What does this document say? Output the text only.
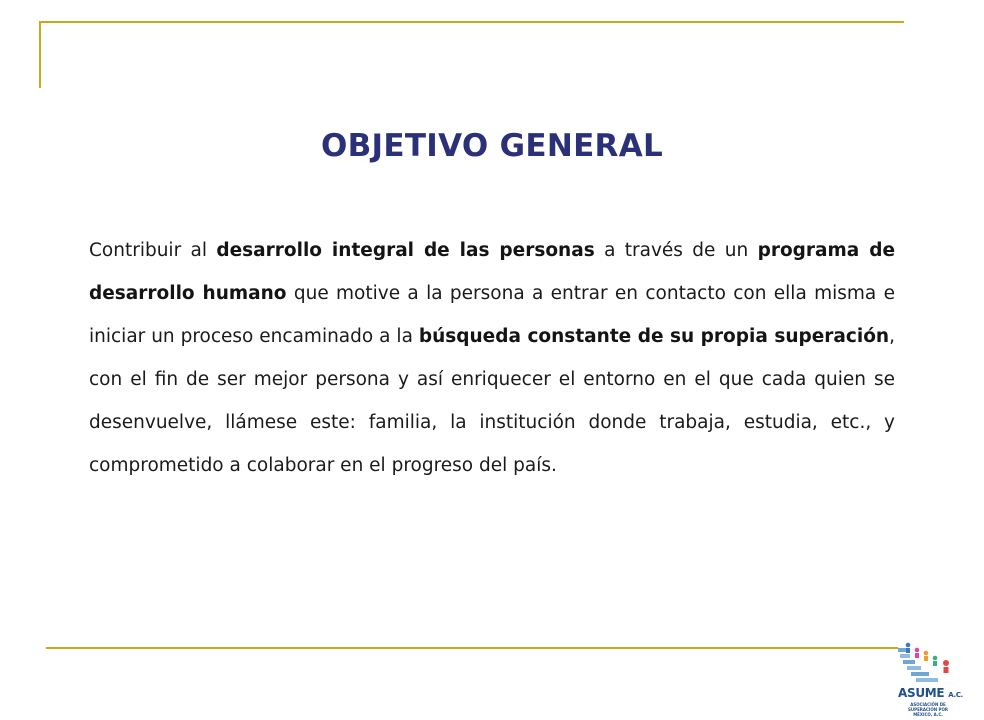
OBJETIVO GENERAL

Contribuir al desarrollo integral de las personas a través de un programa de desarrollo humano que motive a la persona a entrar en contacto con ella misma e iniciar un proceso encaminado a la búsqueda constante de su propia superación, con el fin de ser mejor persona y así enriquecer el entorno en el que cada quien se desenvuelve, llámese este: familia, la institución donde trabaja, estudia, etc., y comprometido a colaborar en el progreso del país.

ASUME A.C.
ASOCIACIÓN DE SUPERACIÓN POR MÉXICO, A.C.
